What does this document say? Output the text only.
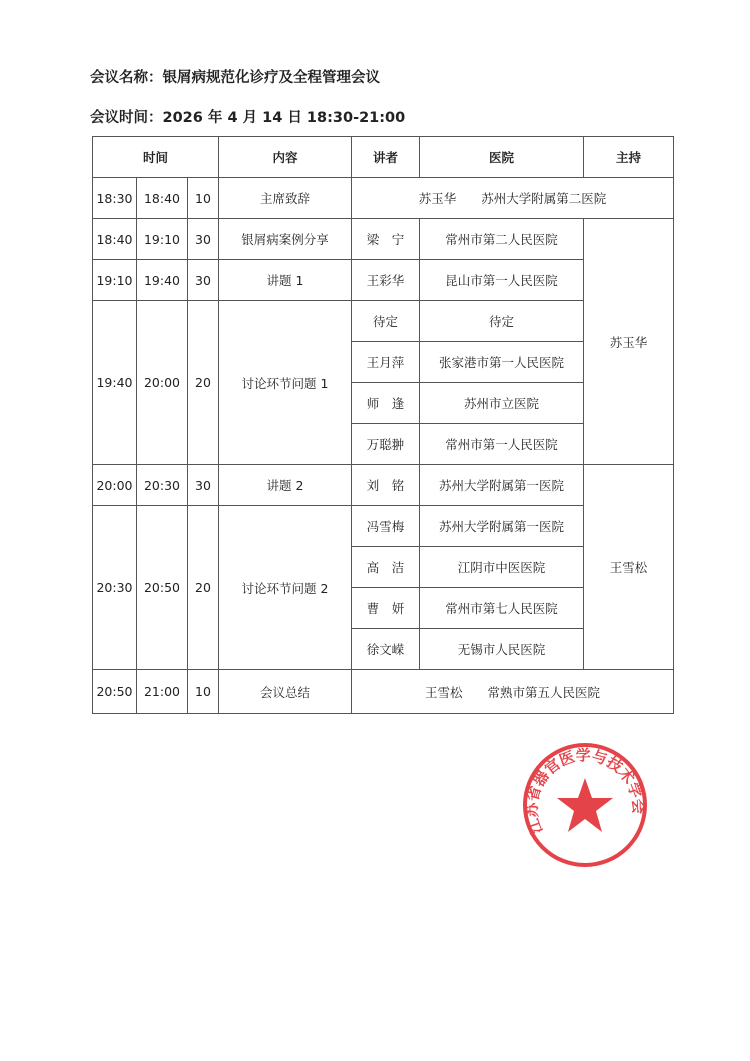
会议名称：银屑病规范化诊疗及全程管理会议
会议时间：2026 年 4 月 14 日 18:30-21:00
时间			内容	讲者	医院	主持
18:30	18:40	10	主席致辞	苏玉华   苏州大学附属第二医院		
18:40	19:10	30	银屑病案例分享	梁　宁	常州市第二人民医院	苏玉华
19:10	19:40	30	讲题 1	王彩华	昆山市第一人民医院	
19:40	20:00	20	讨论环节问题 1	待定	待定	
				王月萍	张家港市第一人民医院	
				师　逢	苏州市立医院	
				万聪翀	常州市第一人民医院	
20:00	20:30	30	讲题 2	刘　铭	苏州大学附属第一医院	王雪松
20:30	20:50	20	讨论环节问题 2	冯雪梅	苏州大学附属第一医院	
				高　洁	江阴市中医医院	
				曹　妍	常州市第七人民医院	
				徐文嵘	无锡市人民医院	
20:50	21:00	10	会议总结	王雪松   常熟市第五人民医院		
江苏省器官医学与技术学会
